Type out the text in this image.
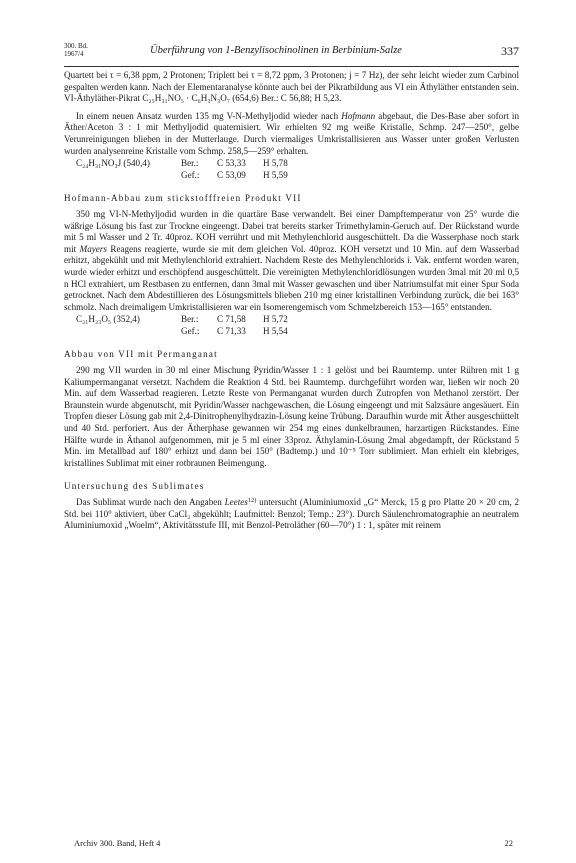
300. Bd.
1967/4	Überführung von 1-Benzylisochinolinen in Berbinium-Salze	337

Quartett bei τ = 6,38 ppm, 2 Protonen; Triplett bei τ = 8,72 ppm, 3 Protonen; j = 7 Hz), der sehr leicht wieder zum Carbinol gespalten werden kann. Nach der Elementaranalyse könnte auch bei der Pikratbildung aus VI ein Äthyläther entstanden sein. VI-Äthyläther-Pikrat C₂₅H₃₁NO₅ · C₆H₃N₃O₇ (654,6) Ber.: C 56,88; H 5,23.

In einem neuen Ansatz wurden 135 mg V-N-Methyljodid wieder nach Hofmann abgebaut, die Des-Base aber sofort in Äther/Aceton 3 : 1 mit Methyljodid quaternisiert. Wir erhielten 92 mg weiße Kristalle, Schmp. 247—250°, gelbe Verunreinigungen blieben in der Mutterlauge. Durch viermaliges Umkristallisieren aus Wasser unter großen Verlusten wurden analysenreine Kristalle vom Schmp. 258,5—259° erhalten.

C₂₄H₃₁NO₃J (540,4)	Ber.:	C 53,33	H 5,78
Gef.:	C 53,09	H 5,59

Hofmann-Abbau zum stickstofffreien Produkt VII

350 mg VI-N-Methyljodid wurden in die quartäre Base verwandelt. Bei einer Dampftemperatur von 25° wurde die wäßrige Lösung bis fast zur Trockne eingeengt. Dabei trat bereits starker Trimethylamin-Geruch auf. Der Rückstand wurde mit 5 ml Wasser und 2 Tr. 40proz. KOH verrührt und mit Methylenchlorid ausgeschüttelt. Da die Wasserphase noch stark mit Mayers Reagens reagierte, wurde sie mit dem gleichen Vol. 40proz. KOH versetzt und 10 Min. auf dem Wasserbad erhitzt, abgekühlt und mit Methylenchlorid extrahiert. Nachdem Reste des Methylenchlorids i. Vak. entfernt worden waren, wurde wieder erhitzt und erschöpfend ausgeschüttelt. Die vereinigten Methylenchloridlösungen wurden 3mal mit 20 ml 0,5 n HCl extrahiert, um Restbasen zu entfernen, dann 3mal mit Wasser gewaschen und über Natriumsulfat mit einer Spur Soda getrocknet. Nach dem Abdestillieren des Lösungsmittels blieben 210 mg einer kristallinen Verbindung zurück, die bei 163° schmolz. Nach dreimaligem Umkristallisieren war ein Isomerengemisch vom Schmelzbereich 153—165° entstanden.

C₂₁H₂₃O₅ (352,4)	Ber.:	C 71,58	H 5,72
Gef.:	C 71,33	H 5,54

Abbau von VII mit Permanganat

290 mg VII wurden in 30 ml einer Mischung Pyridin/Wasser 1 : 1 gelöst und bei Raumtemp. unter Rühren mit 1 g Kaliumpermanganat versetzt. Nachdem die Reaktion 4 Std. bei Raumtemp. durchgeführt worden war, ließen wir noch 20 Min. auf dem Wasserbad reagieren. Letzte Reste von Permanganat wurden durch Zutropfen von Methanol zerstört. Der Braunstein wurde abgenutscht, mit Pyridin/Wasser nachgewaschen, die Lösung eingeengt und mit Salzsäure angesäuert. Ein Tropfen dieser Lösung gab mit 2,4-Dinitrophenylhydrazin-Lösung keine Trübung. Daraufhin wurde mit Äther ausgeschüttelt und 40 Std. perforiert. Aus der Ätherphase gewannen wir 254 mg eines dunkelbraunen, harzartigen Rückstandes. Eine Hälfte wurde in Äthanol aufgenommen, mit je 5 ml einer 33proz. Äthylamin-Lösung 2mal abgedampft, der Rückstand 5 Min. im Metallbad auf 180° erhitzt und dann bei 150° (Badtemp.) und 10⁻⁵ Torr sublimiert. Man erhielt ein klebriges, kristallines Sublimat mit einer rotbraunen Beimengung.

Untersuchung des Sublimates

Das Sublimat wurde nach den Angaben Leetes$^{12)}$ untersucht (Aluminiumoxid „G“ Merck, 15 g pro Platte 20 × 20 cm, 2 Std. bei 110° aktiviert, über CaCl₂ abgekühlt; Laufmittel: Benzol; Temp.: 23°). Durch Säulenchromatographie an neutralem Aluminiumoxid „Woelm“, Aktivitätsstufe III, mit Benzol-Petroläther (60—70°) 1 : 1, später mit reinem

Archiv 300. Band, Heft 4	22
